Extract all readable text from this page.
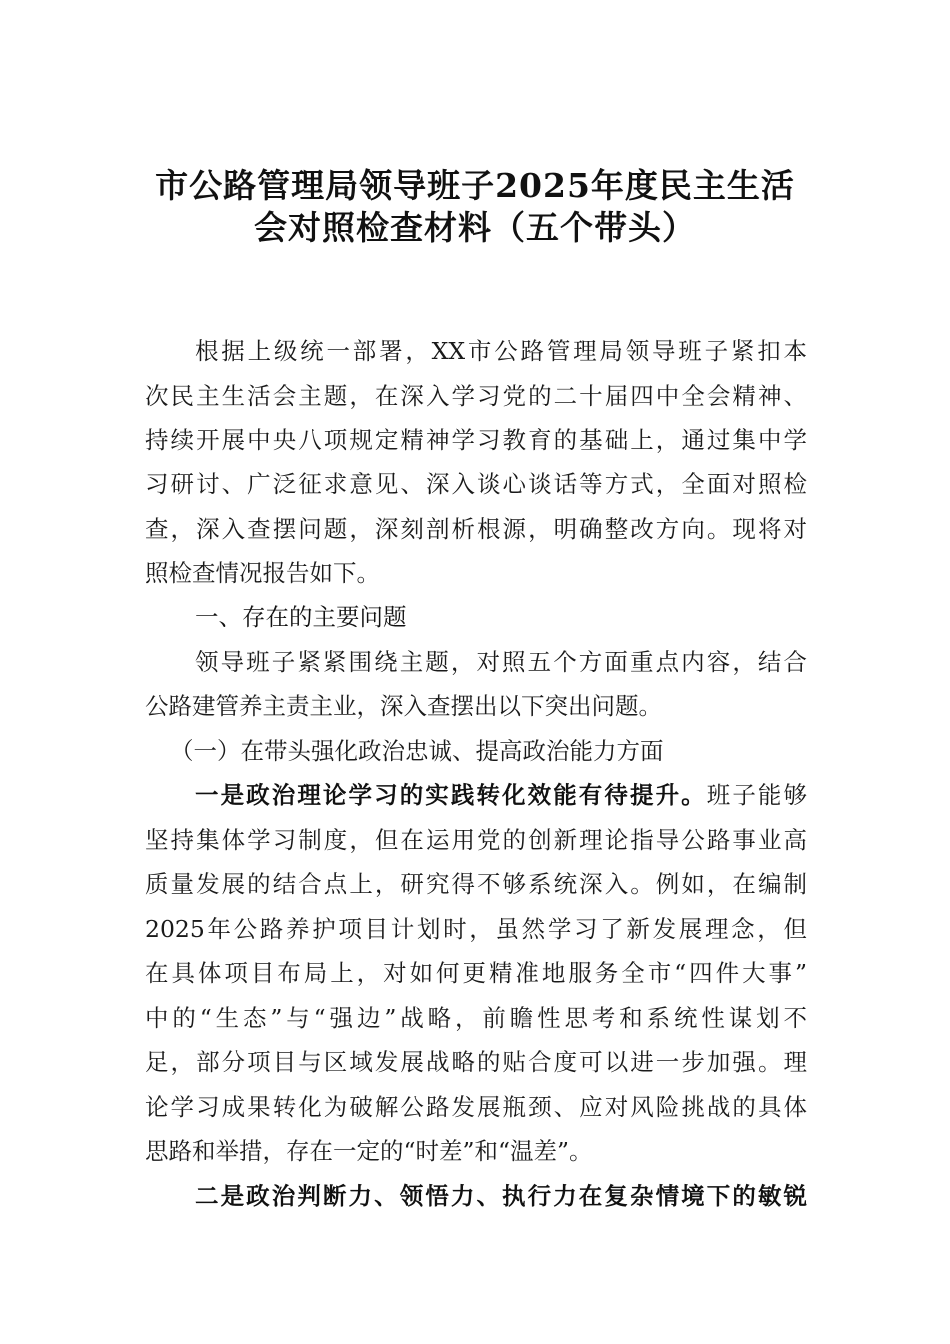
市公路管理局领导班子2025年度民主生活
会对照检查材料（五个带头）
根据上级统一部署，XX市公路管理局领导班子紧扣本
次民主生活会主题，在深入学习党的二十届四中全会精神、
持续开展中央八项规定精神学习教育的基础上，通过集中学
习研讨、广泛征求意见、深入谈心谈话等方式，全面对照检
查，深入查摆问题，深刻剖析根源，明确整改方向。现将对
照检查情况报告如下。
一、存在的主要问题
领导班子紧紧围绕主题，对照五个方面重点内容，结合
公路建管养主责主业，深入查摆出以下突出问题。
（一）在带头强化政治忠诚、提高政治能力方面
一是政治理论学习的实践转化效能有待提升。班子能够
坚持集体学习制度，但在运用党的创新理论指导公路事业高
质量发展的结合点上，研究得不够系统深入。例如，在编制
2025年公路养护项目计划时，虽然学习了新发展理念，但
在具体项目布局上，对如何更精准地服务全市“四件大事”
中的“生态”与“强边”战略，前瞻性思考和系统性谋划不
足，部分项目与区域发展战略的贴合度可以进一步加强。理
论学习成果转化为破解公路发展瓶颈、应对风险挑战的具体
思路和举措，存在一定的“时差”和“温差”。
二是政治判断力、领悟力、执行力在复杂情境下的敏锐
